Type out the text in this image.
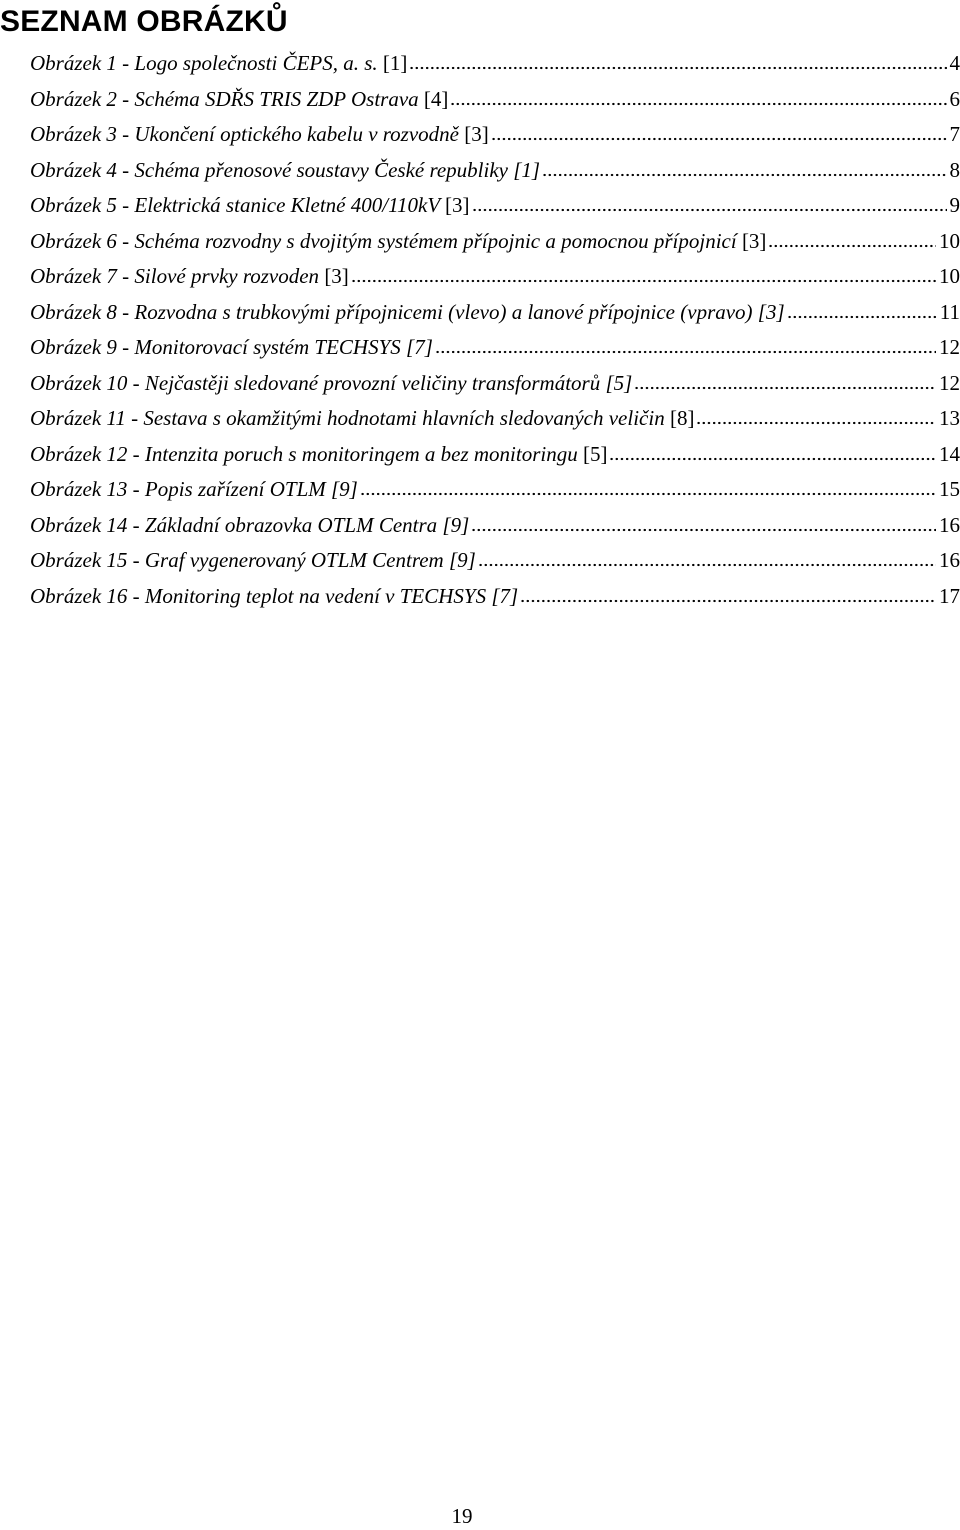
SEZNAM OBRÁZKŮ
Obrázek 1 - Logo společnosti ČEPS, a. s. [1]	4
Obrázek 2 - Schéma SDŘS TRIS ZDP Ostrava [4]	6
Obrázek 3 - Ukončení optického kabelu v rozvodně [3]	7
Obrázek 4 - Schéma přenosové soustavy České republiky [1]	8
Obrázek 5 - Elektrická stanice Kletné 400/110kV [3]	9
Obrázek 6 - Schéma rozvodny s dvojitým systémem přípojnic a pomocnou přípojnicí [3]	10
Obrázek 7 - Silové prvky rozvoden [3]	10
Obrázek 8 - Rozvodna s trubkovými přípojnicemi (vlevo) a lanové přípojnice (vpravo) [3]	11
Obrázek 9 - Monitorovací systém TECHSYS [7]	12
Obrázek 10 - Nejčastěji sledované provozní veličiny transformátorů [5]	12
Obrázek 11 - Sestava s okamžitými hodnotami hlavních sledovaných veličin [8]	13
Obrázek 12 - Intenzita poruch s monitoringem a bez monitoringu [5]	14
Obrázek 13 - Popis zařízení OTLM [9]	15
Obrázek 14 - Základní obrazovka OTLM Centra [9]	16
Obrázek 15 - Graf vygenerovaný OTLM Centrem [9]	16
Obrázek 16 - Monitoring teplot na vedení v TECHSYS [7]	17
19
